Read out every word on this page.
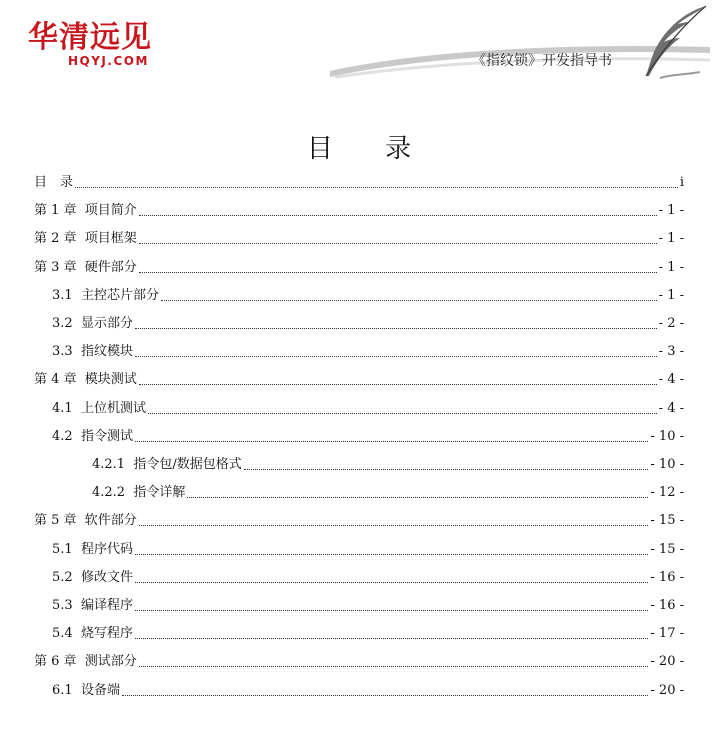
华清远见
HQYJ.COM	《指纹锁》开发指导书
目 录
目　录	i
第 1 章  项目简介	- 1 -
第 2 章  项目框架	- 1 -
第 3 章  硬件部分	- 1 -
3.1  主控芯片部分	- 1 -
3.2  显示部分	- 2 -
3.3  指纹模块	- 3 -
第 4 章  模块测试	- 4 -
4.1  上位机测试	- 4 -
4.2  指令测试	- 10 -
4.2.1  指令包/数据包格式	- 10 -
4.2.2  指令详解	- 12 -
第 5 章  软件部分	- 15 -
5.1  程序代码	- 15 -
5.2  修改文件	- 16 -
5.3  编译程序	- 16 -
5.4  烧写程序	- 17 -
第 6 章  测试部分	- 20 -
6.1  设备端	- 20 -
